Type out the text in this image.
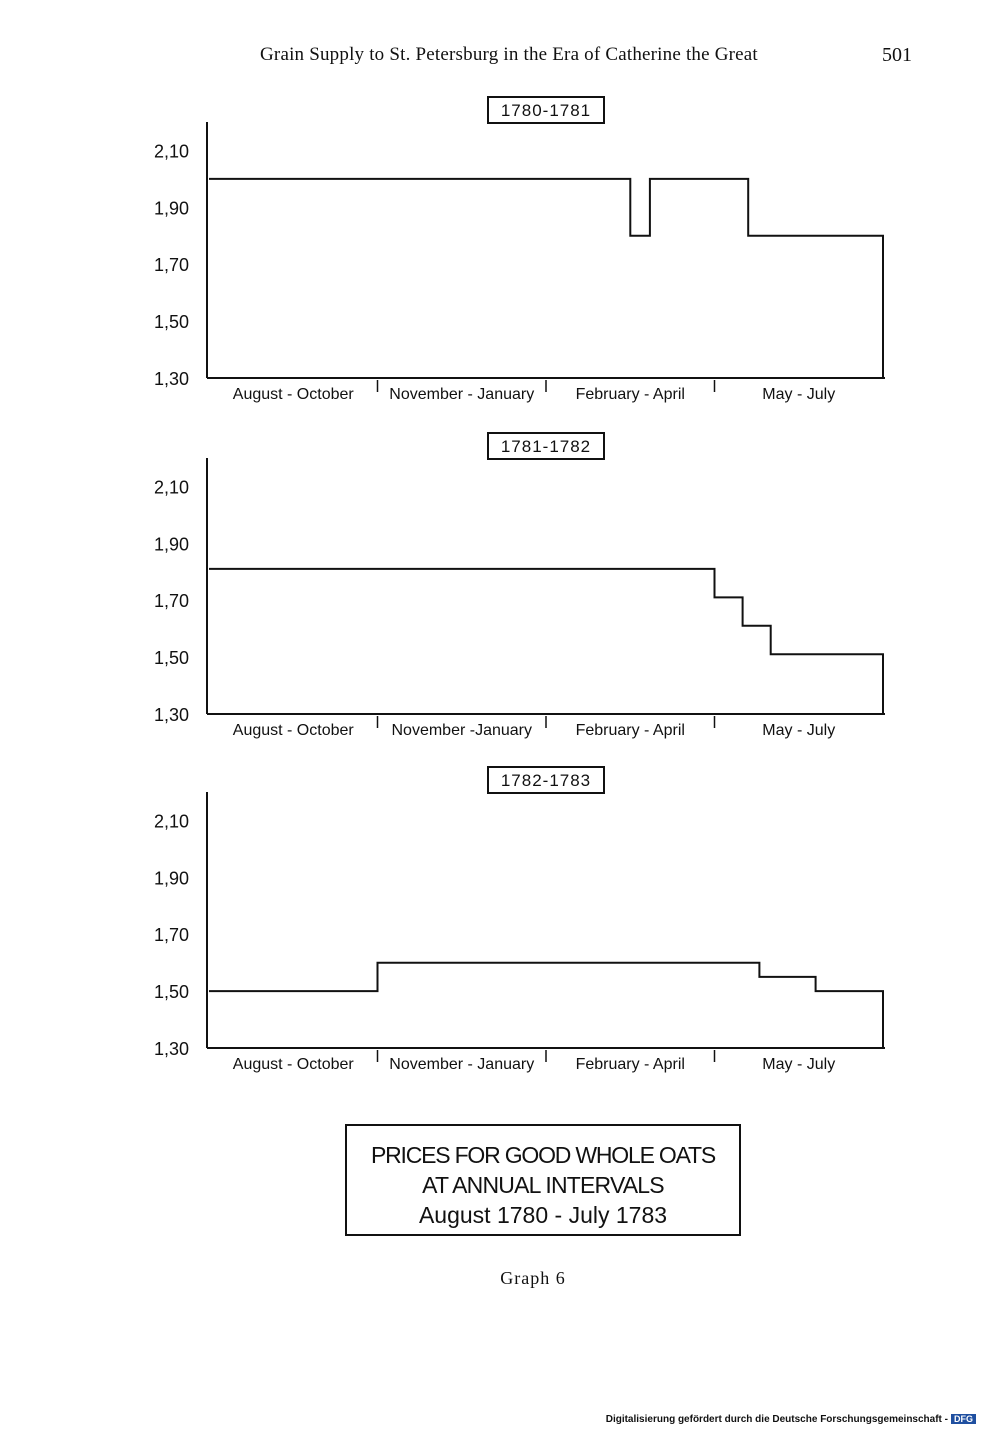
Grain Supply to St. Petersburg in the Era of Catherine the Great	501
2,10
1,90
1,70
1,50
1,30
August - October November - January	February - April	May - July
1780-1781
2,10
1,90
1,70
1,50
1,30
August - October November -January	February - April	May - July
1781-1782
2,10
1,90
1,70
1,50
1,30
August - October November - January	February - April	May - July
1782-1783
PRICES FOR GOOD WHOLE OATS
AT ANNUAL INTERVALS
August 1780 - July 1783
Graph 6
Digitalisierung gefördert durch die Deutsche Forschungsgemeinschaft - DFG
